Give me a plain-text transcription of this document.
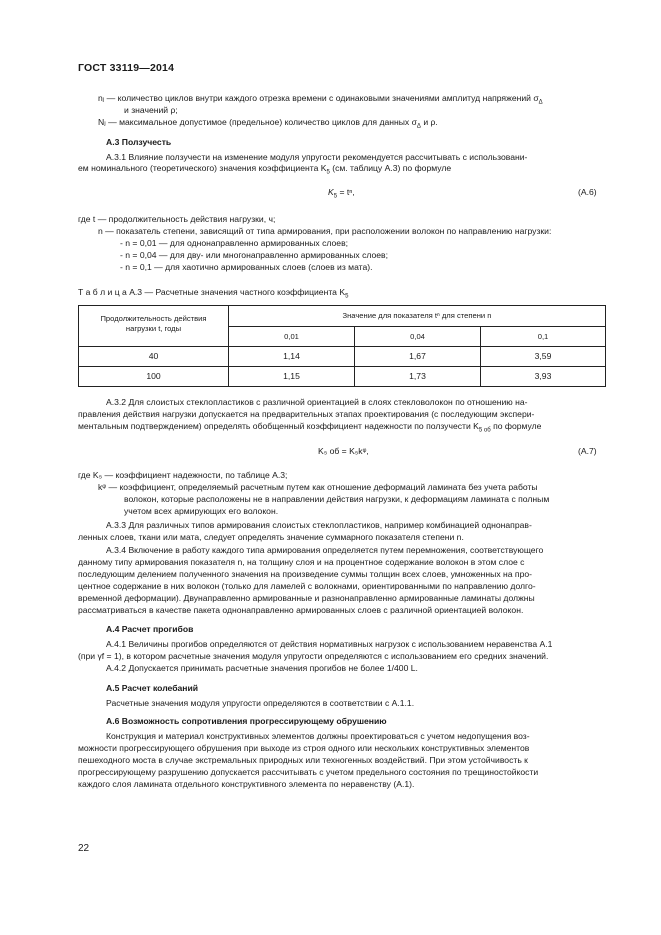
ГОСТ 33119—2014
nⱼ — количество циклов внутри каждого отрезка времени с одинаковыми значениями амплитуд напряжений $\sigma_\Delta$
и значений ρ;
Nⱼ — максимальное допустимое (предельное) количество циклов для данных $\sigma_\Delta$ и ρ.
А.3 Ползучесть
А.3.1 Влияние ползучести на изменение модуля упругости рекомендуется рассчитывать с использовани-
ем номинального (теоретического) значения коэффициента $K_5$ (см. таблицу А.3) по формуле
$K_5 = t^n$,	(А.6)
где t — продолжительность действия нагрузки, ч;
n — показатель степени, зависящий от типа армирования, при расположении волокон по направлению нагрузки:
- n = 0,01 — для однонаправленно армированных слоев;
- n = 0,04 — для дву- или многонаправленно армированных слоев;
- n = 0,1 — для хаотично армированных слоев (слоев из мата).
Т а б л и ц а А.3 — Расчетные значения частного коэффициента $K_5$
Продолжительность действия
нагрузки t, годы
Значение для показателя tⁿ для степени n
0,01	0,04	0,1
40	1,14	1,67	3,59
100	1,15	1,73	3,93
А.3.2 Для слоистых стеклопластиков с различной ориентацией в слоях стекловолокон по отношению на-
правления действия нагрузки допускается на предварительных этапах проектирования (с последующим экспери-
ментальным подтверждением) определять обобщенный коэффициент надежности по ползучести $K_{5 об}$ по формуле
K₅ об = K₅kᵠ,	(А.7)
где K₅ — коэффициент надежности, по таблице А.3;
kᵠ — коэффициент, определяемый расчетным путем как отношение деформаций ламината без учета работы
волокон, которые расположены не в направлении действия нагрузки, к деформациям ламината с полным
учетом всех армирующих его волокон.
А.3.3 Для различных типов армирования слоистых стеклопластиков, например комбинацией однонаправ-
ленных слоев, ткани или мата, следует определять значение суммарного показателя степени n.
А.3.4 Включение в работу каждого типа армирования определяется путем перемножения, соответствующего
данному типу армирования показателя n, на толщину слоя и на процентное содержание волокон в этом слое с
последующим делением полученного значения на произведение суммы толщин всех слоев, умноженных на про-
центное содержание в них волокон (только для ламелей с волокнами, ориентированными по направлению долго-
временной деформации). Двунаправленно армированные и разнонаправленно армированные ламинаты должны
рассматриваться в качестве пакета однонаправленно армированных слоев с различной ориентацией волокон.
А.4 Расчет прогибов
А.4.1 Величины прогибов определяются от действия нормативных нагрузок с использованием неравенства А.1
(при γf = 1), в котором расчетные значения модуля упругости определяются с использованием его средних значений.
А.4.2 Допускается принимать расчетные значения прогибов не более 1/400 L.
А.5 Расчет колебаний
Расчетные значения модуля упругости определяются в соответствии с А.1.1.
А.6 Возможность сопротивления прогрессирующему обрушению
Конструкция и материал конструктивных элементов должны проектироваться с учетом недопущения воз-
можности прогрессирующего обрушения при выходе из строя одного или нескольких конструктивных элементов
пешеходного моста в случае экстремальных природных или техногенных воздействий. При этом устойчивость к
прогрессирующему разрушению допускается рассчитывать с учетом предельного состояния по трещиностойкости
каждого слоя ламината отдельного конструктивного элемента по неравенству (А.1).
22
